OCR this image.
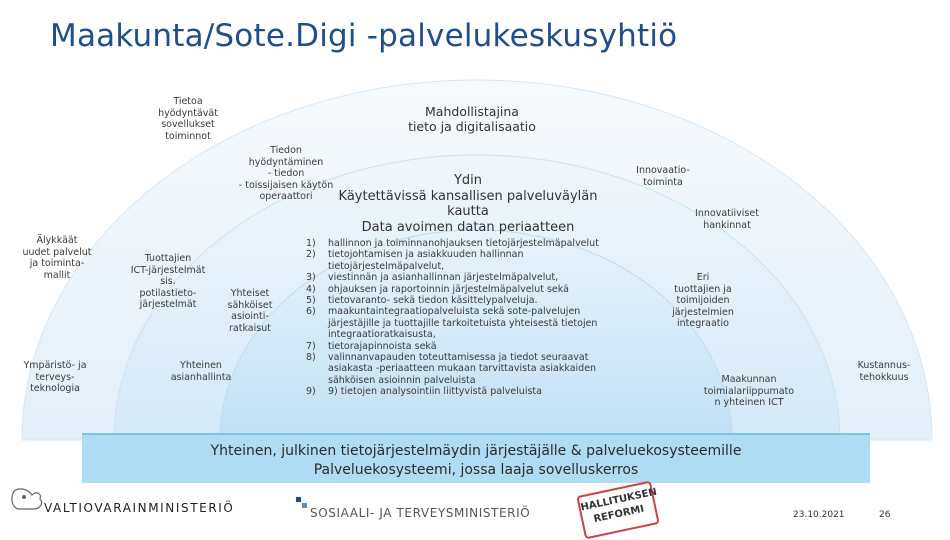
Maakunta/Sote.Digi -palvelukeskusyhtiö
Tietoa
hyödyntävät
sovellukset
toiminnot
Mahdollistajina
tieto ja digitalisaatio
Tiedon
hyödyntäminen
- tiedon
- toissijaisen käytön
operaattori
Ydin
Käytettävissä kansallisen palveluväylän
kautta
Data avoimen datan periaatteen
Innovaatio-
toiminta
Innovatiiviset
hankinnat
Älykkäät
uudet palvelut
ja toiminta-
mallit
Tuottajien
ICT-järjestelmät
sis.
potilastieto-
järjestelmät
Yhteiset
sähköiset
asiointi-
ratkaisut
Eri
tuottajien ja
toimijoiden
järjestelmien
integraatio
Ympäristö- ja
terveys-
teknologia
Yhteinen
asianhallinta
Kustannus-
tehokkuus
Maakunnan
toimialariippumato
n yhteinen ICT
1)	hallinnon ja toiminnanohjauksen tietojärjestelmäpalvelut
2)	tietojohtamisen ja asiakkuuden hallinnan
tietojärjestelmäpalvelut,
3)	viestinnän ja asianhallinnan järjestelmäpalvelut,
4)	ohjauksen ja raportoinnin järjestelmäpalvelut sekä
5)	tietovaranto- sekä tiedon käsittelypalveluja.
6)	maakuntaintegraatiopalveluista sekä sote-palvelujen
järjestäjille ja tuottajille tarkoitetuista yhteisestä tietojen
integraatioratkaisusta,
7)	tietorajapinnoista sekä
8)	valinnanvapauden toteuttamisessa ja tiedot seuraavat
asiakasta -periaatteen mukaan tarvittavista asiakkaiden
sähköisen asioinnin palveluista
9)	9) tietojen analysointiin liittyvistä palveluista
Yhteinen, julkinen tietojärjestelmäydin järjestäjälle & palveluekosysteemille
Palveluekosysteemi, jossa laaja sovelluskerros
VALTIOVARAINMINISTERIÖ	SOSIAALI- JA TERVEYSMINISTERIÖ	HALLITUKSEN
REFORMI	23.10.2021	26
